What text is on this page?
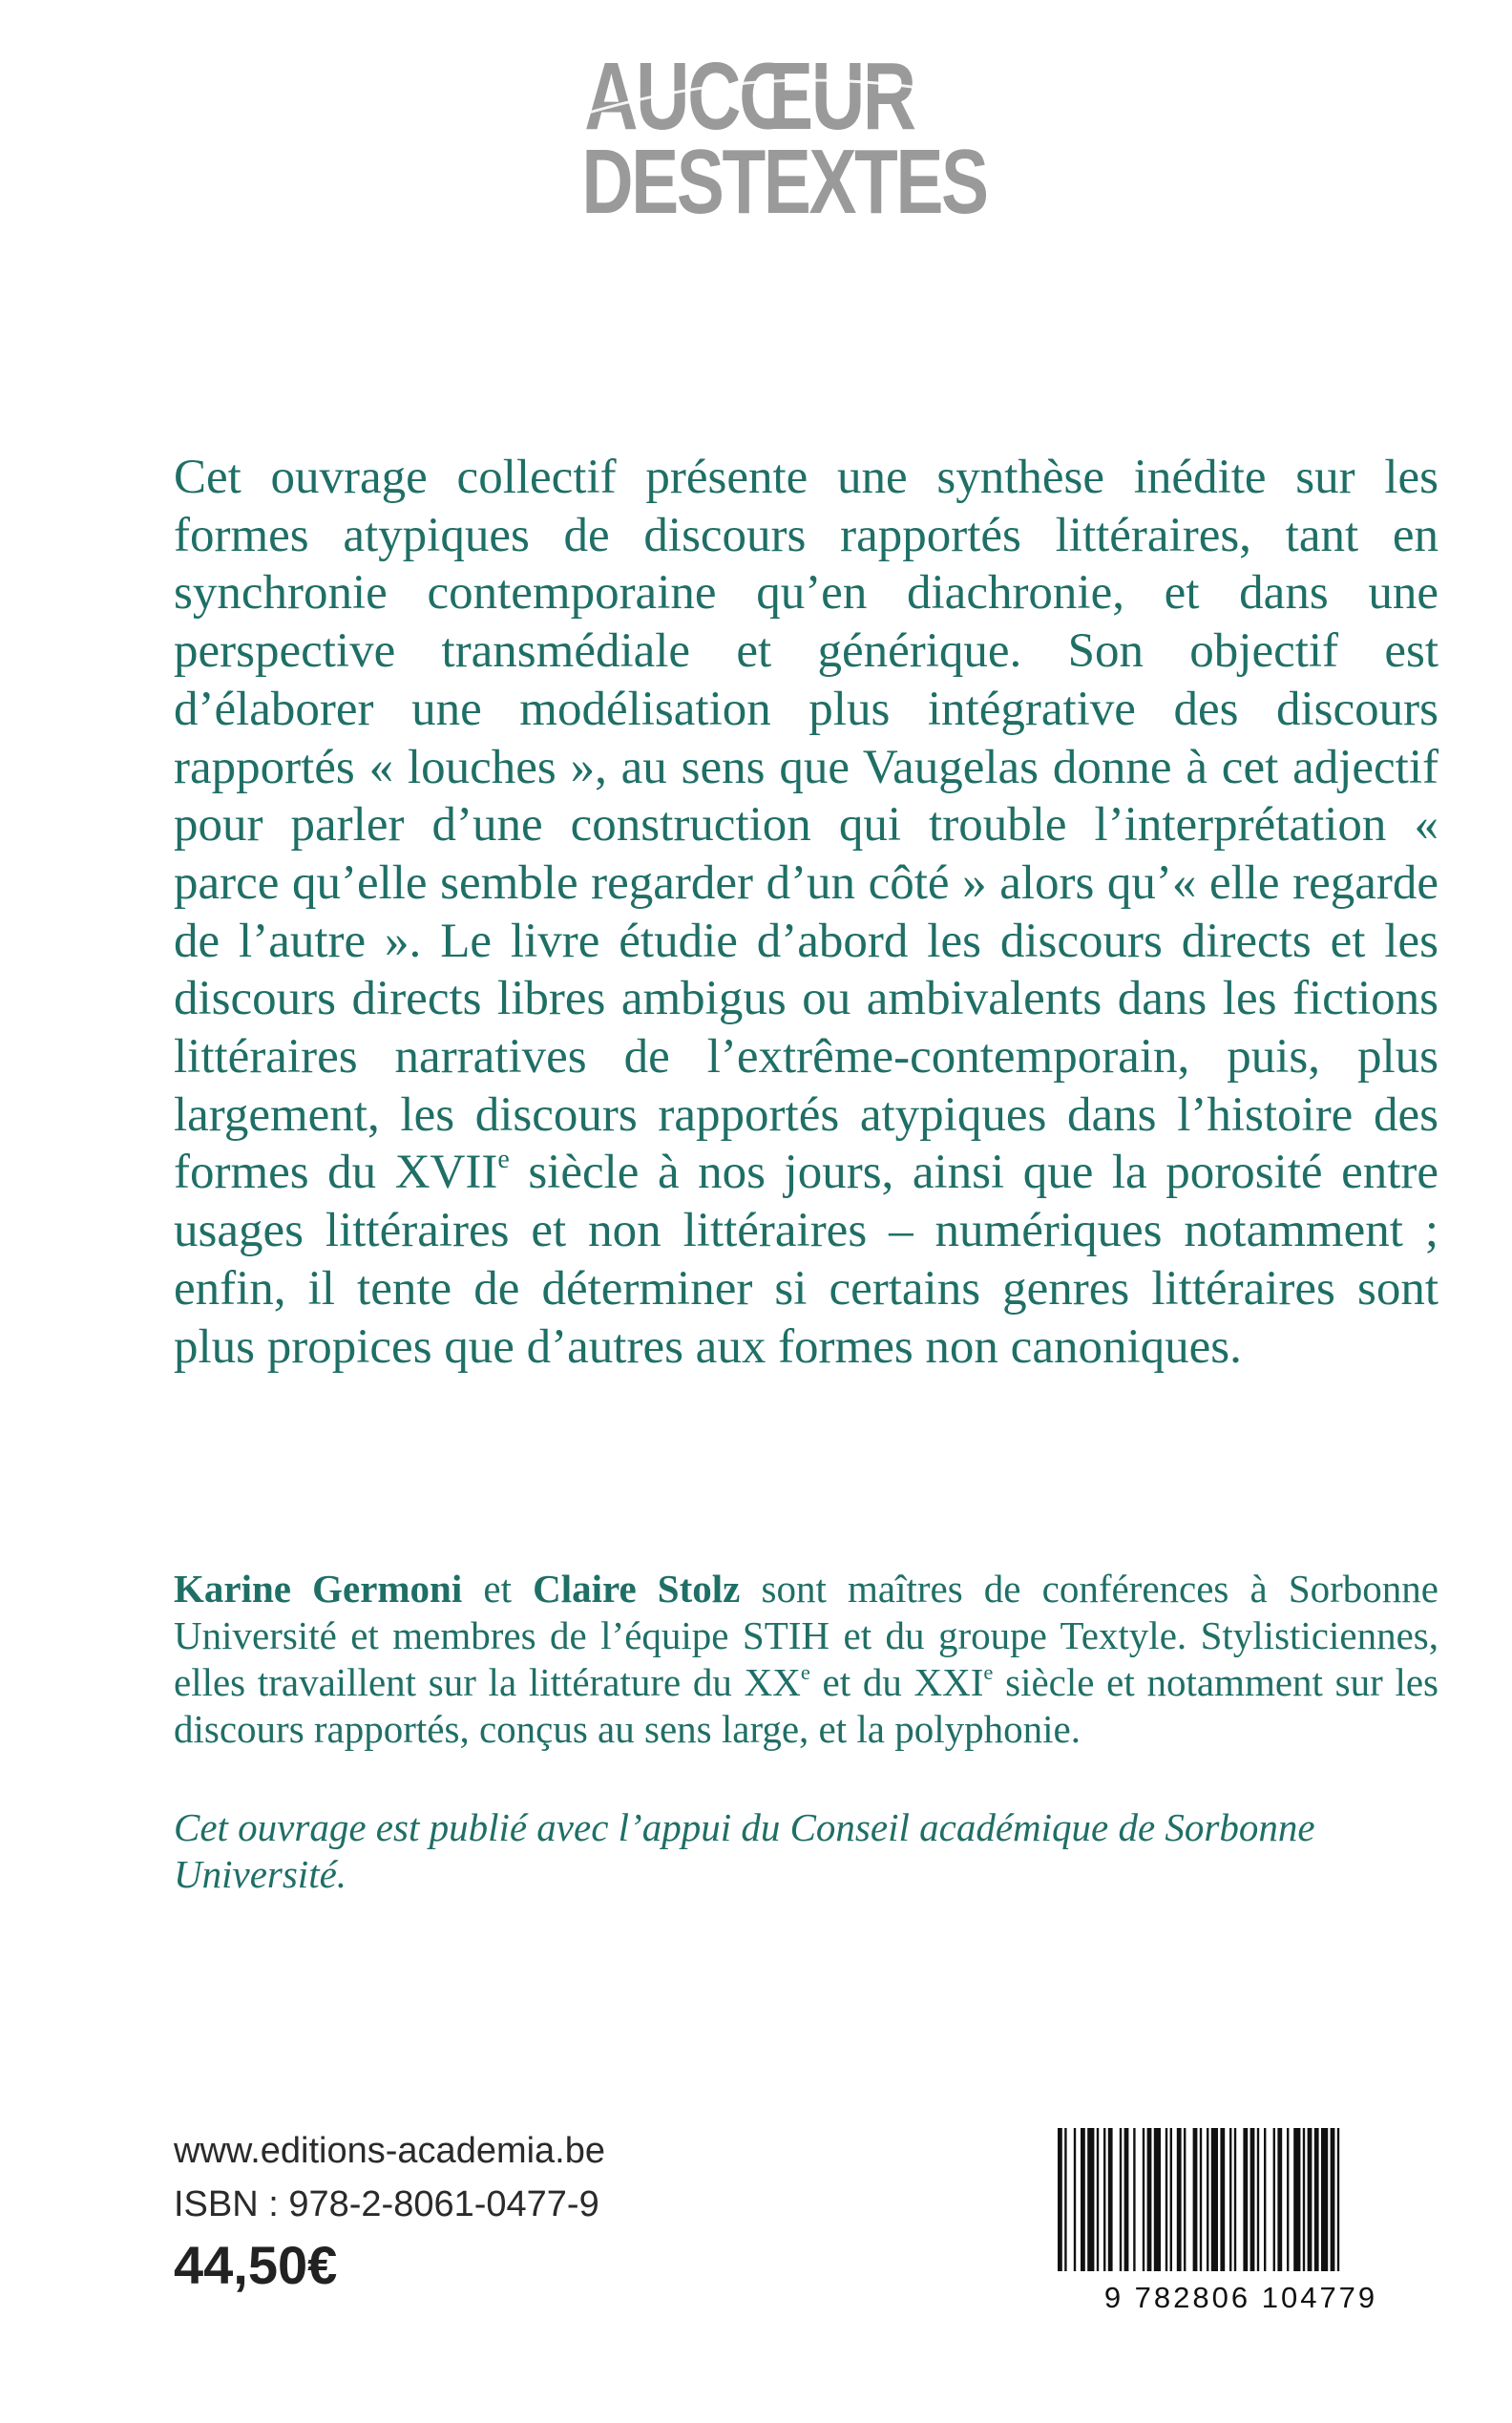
AUCŒUR
DESTEXTES

Cet ouvrage collectif présente une synthèse inédite sur les formes atypiques de discours rapportés littéraires, tant en synchronie contemporaine qu’en diachronie, et dans une perspective transmédiale et générique. Son objectif est d’élaborer une modélisation plus intégrative des discours rapportés « louches », au sens que Vaugelas donne à cet adjectif pour parler d’une construction qui trouble l’interprétation « parce qu’elle semble regarder d’un côté » alors qu’« elle regarde de l’autre ». Le livre étudie d’abord les discours directs et les discours directs libres ambigus ou ambivalents dans les fictions littéraires narratives de l’extrême-contemporain, puis, plus largement, les discours rapportés atypiques dans l’histoire des formes du XVIIe siècle à nos jours, ainsi que la porosité entre usages littéraires et non littéraires – numériques notamment ; enfin, il tente de déterminer si certains genres littéraires sont plus propices que d’autres aux formes non canoniques.

Karine Germoni et Claire Stolz sont maîtres de conférences à Sorbonne Université et membres de l’équipe STIH et du groupe Textyle. Stylisticiennes, elles travaillent sur la littérature du XXe et du XXIe siècle et notamment sur les discours rapportés, conçus au sens large, et la polyphonie.

Cet ouvrage est publié avec l’appui du Conseil académique de Sorbonne Université.

www.editions-academia.be
ISBN : 978-2-8061-0477-9
44,50€
9 782806 104779
